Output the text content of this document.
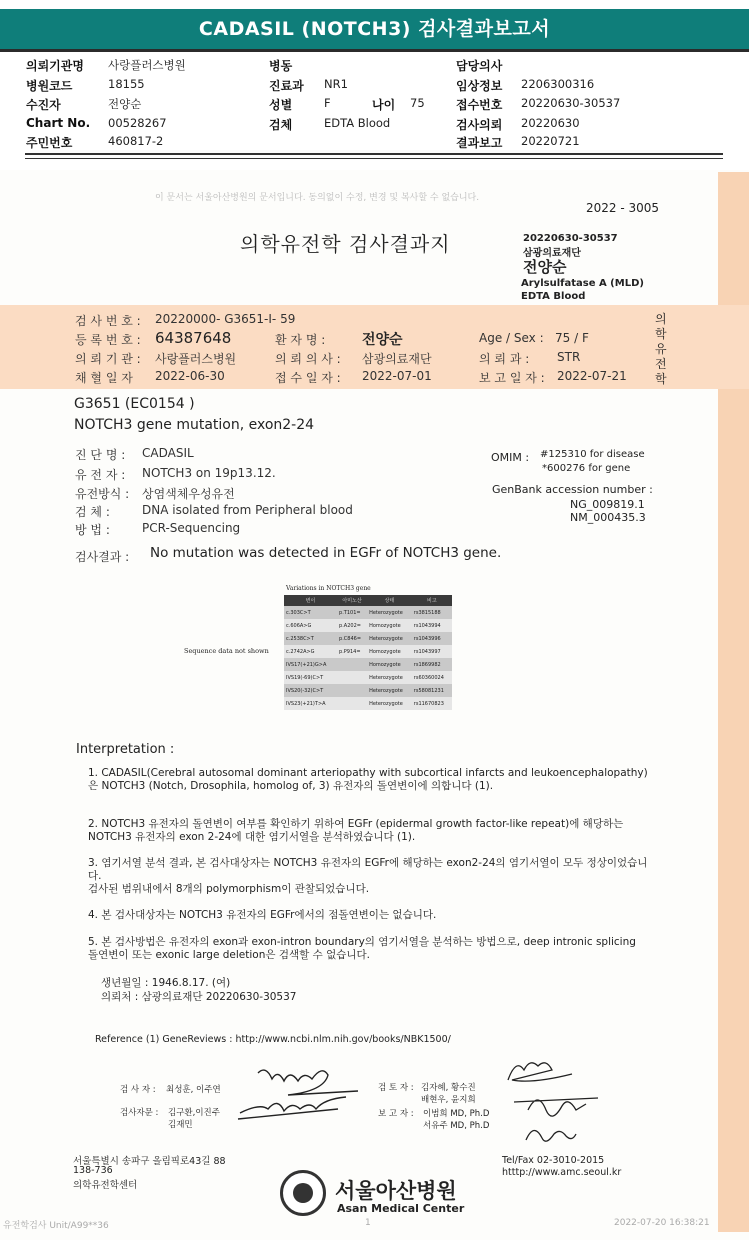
CADASIL (NOTCH3) 검사결과보고서
의뢰기관명 사랑플러스병원	병동	담당의사
병원코드	18155	진료과 NR1	임상정보 2206300316
수진자	전양순	성별	F	나이 75	접수번호 20220630-30537
Chart No. 00528267	검체	EDTA Blood	검사의뢰 20220630
주민번호	460817-2	결과보고 20220721
이 문서는 서울아산병원의 문서입니다. 동의없이 수정, 변경 및 복사할 수 없습니다.
2022 - 3005
의학유전학 검사결과지	20220630-30537
삼광의료재단
전양순
Arylsulfatase A (MLD)
EDTA Blood
검 사 번 호 : 20220000- G3651-I- 59
등 록 번 호 : 64387648	환 자 명 :	전양순	Age / Sex : 75 / F
의 뢰 기 관 : 사랑플러스병원	의 뢰 의 사 : 삼광의료재단	의 뢰 과 : STR
채 혈 일 자 2022-06-30	접 수 일 자 : 2022-07-01	보 고 일 자 : 2022-07-21
의학유전학
G3651 (EC0154 )
NOTCH3 gene mutation, exon2-24
진 단 명 : CADASIL
유 전 자 : NOTCH3 on 19p13.12.
유전방식 : 상염색체우성유전
검 체 :	DNA isolated from Peripheral blood
방 법 :	PCR-Sequencing
OMIM : #125310 for disease
*600276 for gene
GenBank accession number :
NG_009819.1
NM_000435.3
검사결과 : No mutation was detected in EGFr of NOTCH3 gene.
Variations in NOTCH3 gene
Sequence data not shown
변이	아미노산	상태	비고
c.303C>T	p.T101=	Heterozygote	rs3815188
c.606A>G	p.A202=	Homozygote	rs1043994
c.2538C>T	p.C846=	Heterozygote	rs1043996
c.2742A>G	p.P914=	Homozygote	rs1043997
IVS17(+21)G>A		Homozygote	rs1869982
IVS19(-69)C>T		Heterozygote	rs60360024
IVS20(-32)C>T		Heterozygote	rs58081231
IVS23(+21)T>A		Heterozygote	rs11670823
Interpretation :

1. CADASIL(Cerebral autosomal dominant arteriopathy with subcortical infarcts and leukoencephalopathy)은 NOTCH3 (Notch, Drosophila, homolog of, 3) 유전자의 돌연변이에 의합니다 (1).

2. NOTCH3 유전자의 돌연변이 여부를 확인하기 위하여 EGFr (epidermal growth factor-like repeat)에 해당하는 NOTCH3 유전자의 exon 2-24에 대한 염기서열을 분석하였습니다 (1).

3. 염기서열 분석 결과, 본 검사대상자는 NOTCH3 유전자의 EGFr에 해당하는 exon2-24의 염기서열이 모두 정상이었습니다.

검사된 범위내에서 8개의 polymorphism이 관찰되었습니다.

4. 본 검사대상자는 NOTCH3 유전자의 EGFr에서의 점돌연변이는 없습니다.

5. 본 검사방법은 유전자의 exon과 exon-intron boundary의 염기서열을 분석하는 방법으로, deep intronic splicing 돌연변이 또는 exonic large deletion은 검색할 수 없습니다.

생년월일 : 1946.8.17. (여)
의뢰처 : 삼광의료재단 20220630-30537
Reference (1) GeneReviews : http://www.ncbi.nlm.nih.gov/books/NBK1500/
검 사 자 : 최성훈, 이주연
검사자문 : 김구환,이진주 김재민
검 토 자 : 김자혜, 황수진 배현우, 윤지희
보 고 자 : 이범희 MD, Ph.D 서유주 MD, Ph.D
서울특별시 송파구 올림픽로43길 88
138-736
의학유전학센터
Tel/Fax 02-3010-2015
htttp://www.amc.seoul.kr
서울아산병원
Asan Medical Center
유전학검사 Unit/A99**36	1	2022-07-20 16:38:21
